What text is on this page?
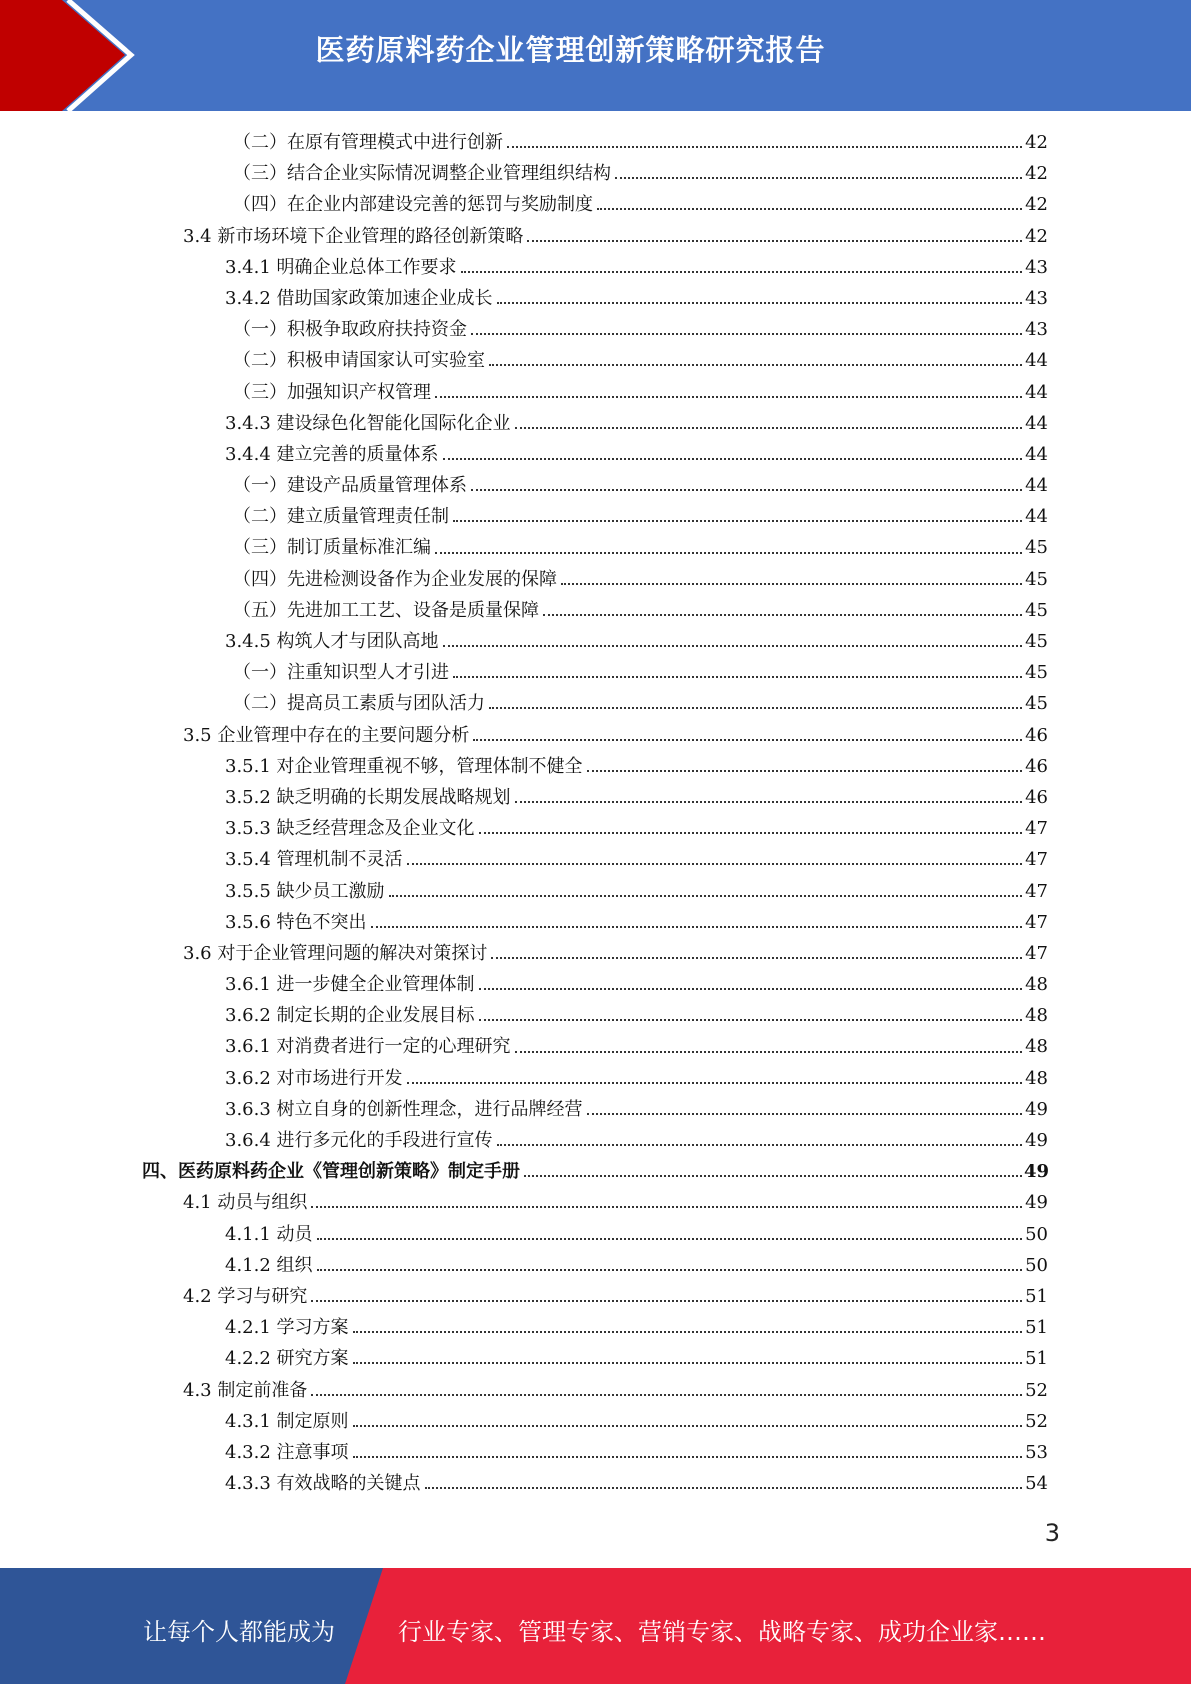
医药原料药企业管理创新策略研究报告
（二）在原有管理模式中进行创新	42
（三）结合企业实际情况调整企业管理组织结构	42
（四）在企业内部建设完善的惩罚与奖励制度	42
3.4 新市场环境下企业管理的路径创新策略	42
3.4.1 明确企业总体工作要求	43
3.4.2 借助国家政策加速企业成长	43
（一）积极争取政府扶持资金	43
（二）积极申请国家认可实验室	44
（三）加强知识产权管理	44
3.4.3 建设绿色化智能化国际化企业	44
3.4.4 建立完善的质量体系	44
（一）建设产品质量管理体系	44
（二）建立质量管理责任制	44
（三）制订质量标准汇编	45
（四）先进检测设备作为企业发展的保障	45
（五）先进加工工艺、设备是质量保障	45
3.4.5 构筑人才与团队高地	45
（一）注重知识型人才引进	45
（二）提高员工素质与团队活力	45
3.5 企业管理中存在的主要问题分析	46
3.5.1 对企业管理重视不够，管理体制不健全	46
3.5.2 缺乏明确的长期发展战略规划	46
3.5.3 缺乏经营理念及企业文化	47
3.5.4 管理机制不灵活	47
3.5.5 缺少员工激励	47
3.5.6 特色不突出	47
3.6 对于企业管理问题的解决对策探讨	47
3.6.1 进一步健全企业管理体制	48
3.6.2 制定长期的企业发展目标	48
3.6.1 对消费者进行一定的心理研究	48
3.6.2 对市场进行开发	48
3.6.3 树立自身的创新性理念，进行品牌经营	49
3.6.4 进行多元化的手段进行宣传	49
四、医药原料药企业《管理创新策略》制定手册	49
4.1 动员与组织	49
4.1.1 动员	50
4.1.2 组织	50
4.2 学习与研究	51
4.2.1 学习方案	51
4.2.2 研究方案	51
4.3 制定前准备	52
4.3.1 制定原则	52
4.3.2 注意事项	53
4.3.3 有效战略的关键点	54
3
让每个人都能成为	行业专家、管理专家、营销专家、战略专家、成功企业家……
